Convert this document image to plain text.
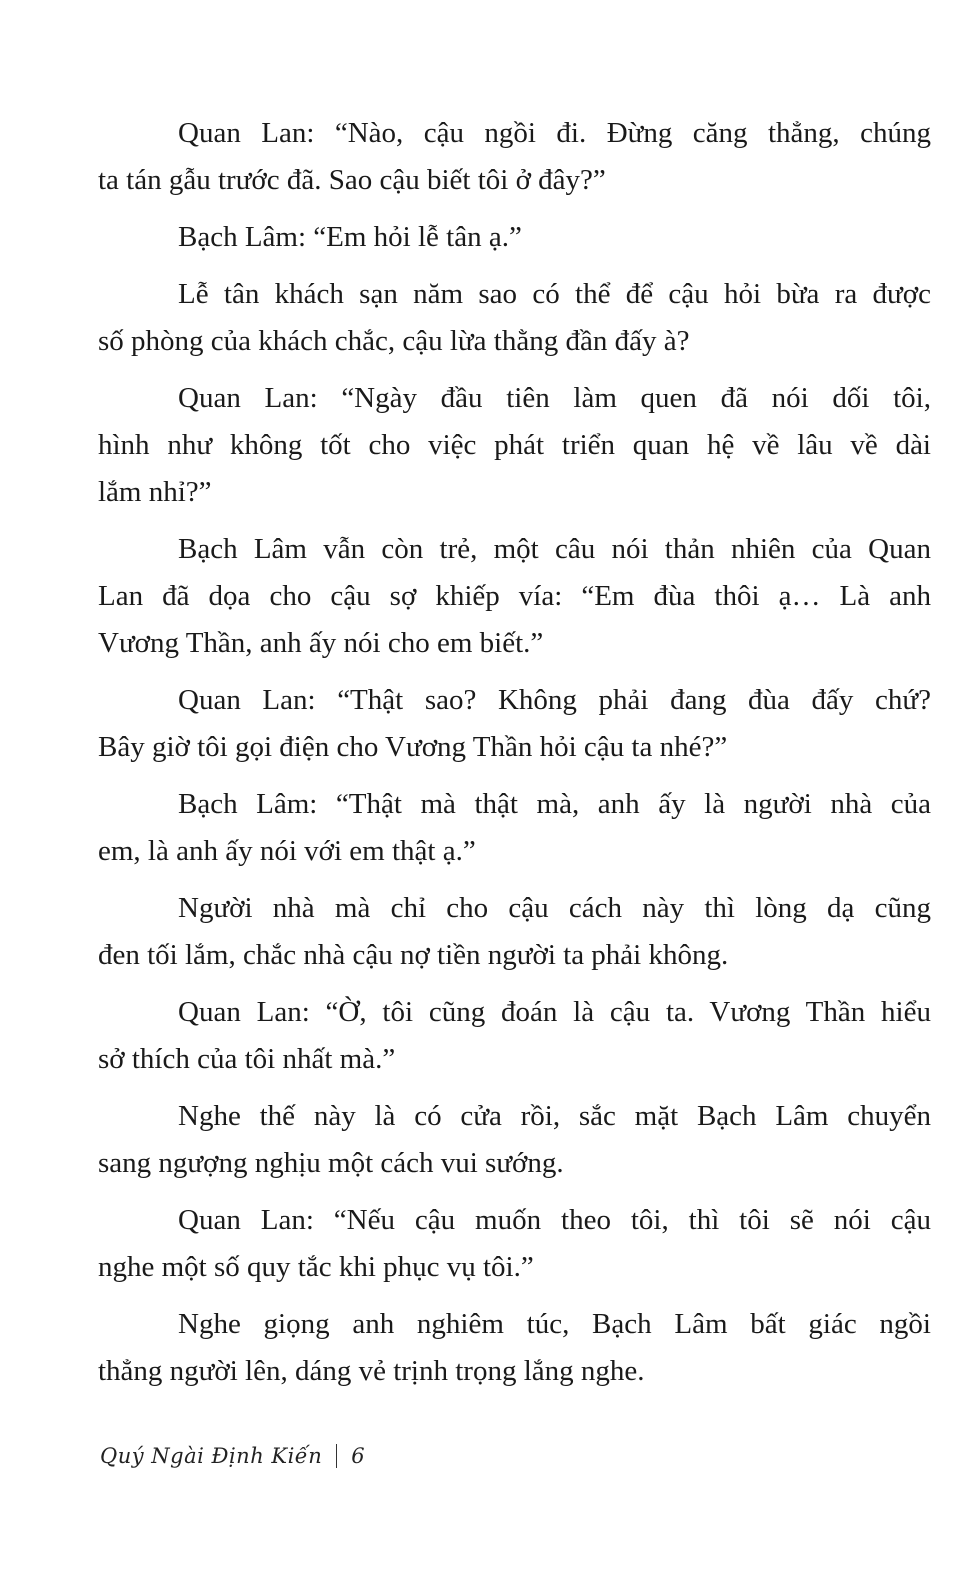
Quan Lan: “Nào, cậu ngồi đi. Đừng căng thẳng, chúng
ta tán gẫu trước đã. Sao cậu biết tôi ở đây?”
Bạch Lâm: “Em hỏi lễ tân ạ.”
Lễ tân khách sạn năm sao có thể để cậu hỏi bừa ra được
số phòng của khách chắc, cậu lừa thằng đần đấy à?
Quan Lan: “Ngày đầu tiên làm quen đã nói dối tôi,
hình như không tốt cho việc phát triển quan hệ về lâu về dài
lắm nhỉ?”
Bạch Lâm vẫn còn trẻ, một câu nói thản nhiên của Quan
Lan đã dọa cho cậu sợ khiếp vía: “Em đùa thôi ạ… Là anh
Vương Thần, anh ấy nói cho em biết.”
Quan Lan: “Thật sao? Không phải đang đùa đấy chứ?
Bây giờ tôi gọi điện cho Vương Thần hỏi cậu ta nhé?”
Bạch Lâm: “Thật mà thật mà, anh ấy là người nhà của
em, là anh ấy nói với em thật ạ.”
Người nhà mà chỉ cho cậu cách này thì lòng dạ cũng
đen tối lắm, chắc nhà cậu nợ tiền người ta phải không.
Quan Lan: “Ờ, tôi cũng đoán là cậu ta. Vương Thần hiểu
sở thích của tôi nhất mà.”
Nghe thế này là có cửa rồi, sắc mặt Bạch Lâm chuyển
sang ngượng nghịu một cách vui sướng.
Quan Lan: “Nếu cậu muốn theo tôi, thì tôi sẽ nói cậu
nghe một số quy tắc khi phục vụ tôi.”
Nghe giọng anh nghiêm túc, Bạch Lâm bất giác ngồi
thẳng người lên, dáng vẻ trịnh trọng lắng nghe.
Quý Ngài Định Kiến 6
